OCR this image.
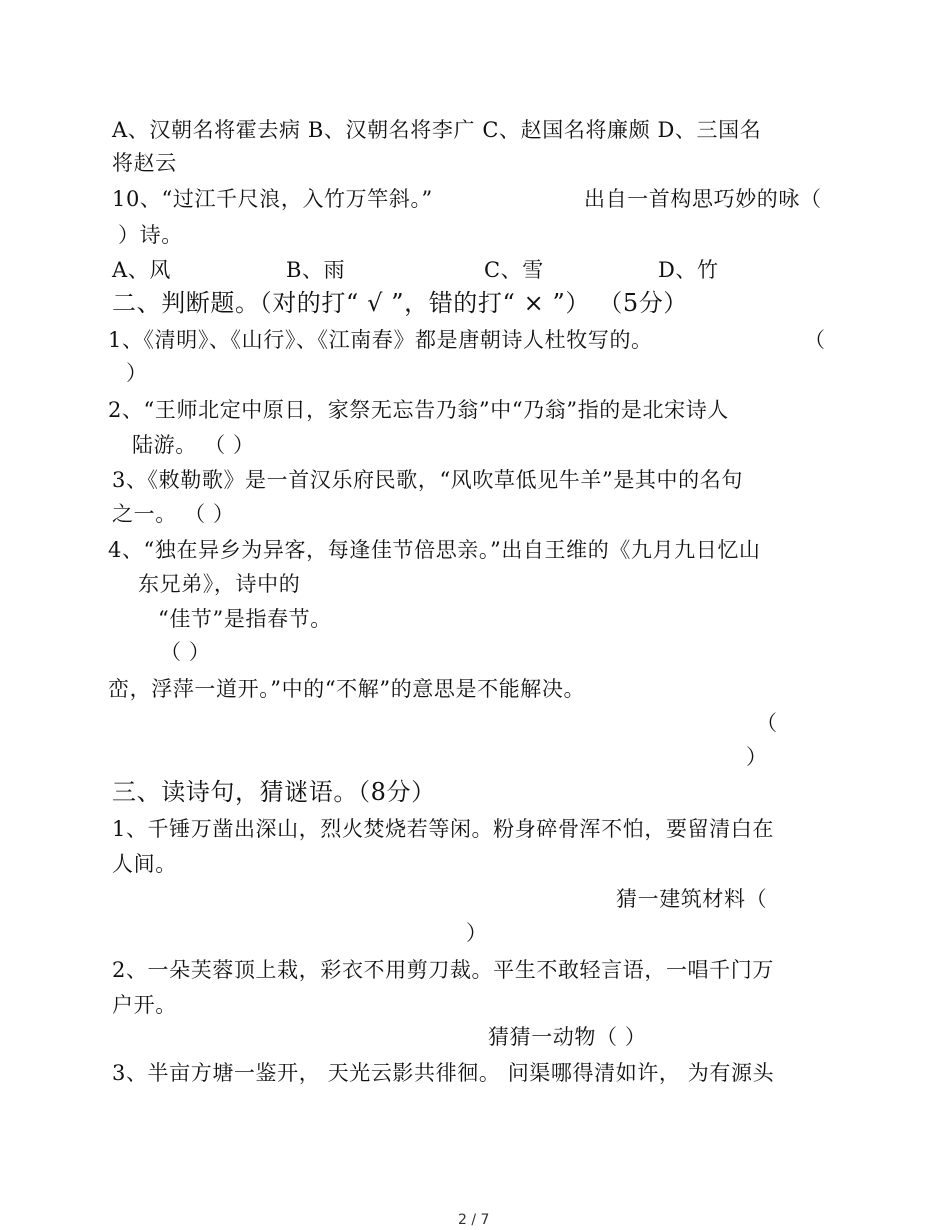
A、汉朝名将霍去病 B、汉朝名将李广 C、赵国名将廉颇 D、三国名
将赵云
10、“过江千尺浪，入竹万竿斜。”	出自一首构思巧妙的咏（
）诗。
A、风	B、雨	C、雪	D、竹
二、判断题。（对的打“ √ ”，错的打“ × ”） （5分）
1、《清明》、《山行》、《江南春》都是唐朝诗人杜牧写的。	（
）
2、“王师北定中原日，家祭无忘告乃翁”中“乃翁”指的是北宋诗人
陆游。 （ ）
3、《敕勒歌》是一首汉乐府民歌，“风吹草低见牛羊”是其中的名句
之一。 （ ）
4、“独在异乡为异客，每逢佳节倍思亲。”出自王维的《九月九日忆山
东兄弟》，诗中的
“佳节”是指春节。
（ ）
峦，浮萍一道开。”中的“不解”的意思是不能解决。
（
）
三、读诗句，猜谜语。（8分）
1、千锤万凿出深山，烈火焚烧若等闲。粉身碎骨浑不怕，要留清白在
人间。
猜一建筑材料（
）
2、一朵芙蓉顶上栽，彩衣不用剪刀裁。平生不敢轻言语，一唱千门万
户开。
猜猜一动物（ ）
3、半亩方塘一鉴开， 天光云影共徘徊。 问渠哪得清如许， 为有源头
2 / 7
